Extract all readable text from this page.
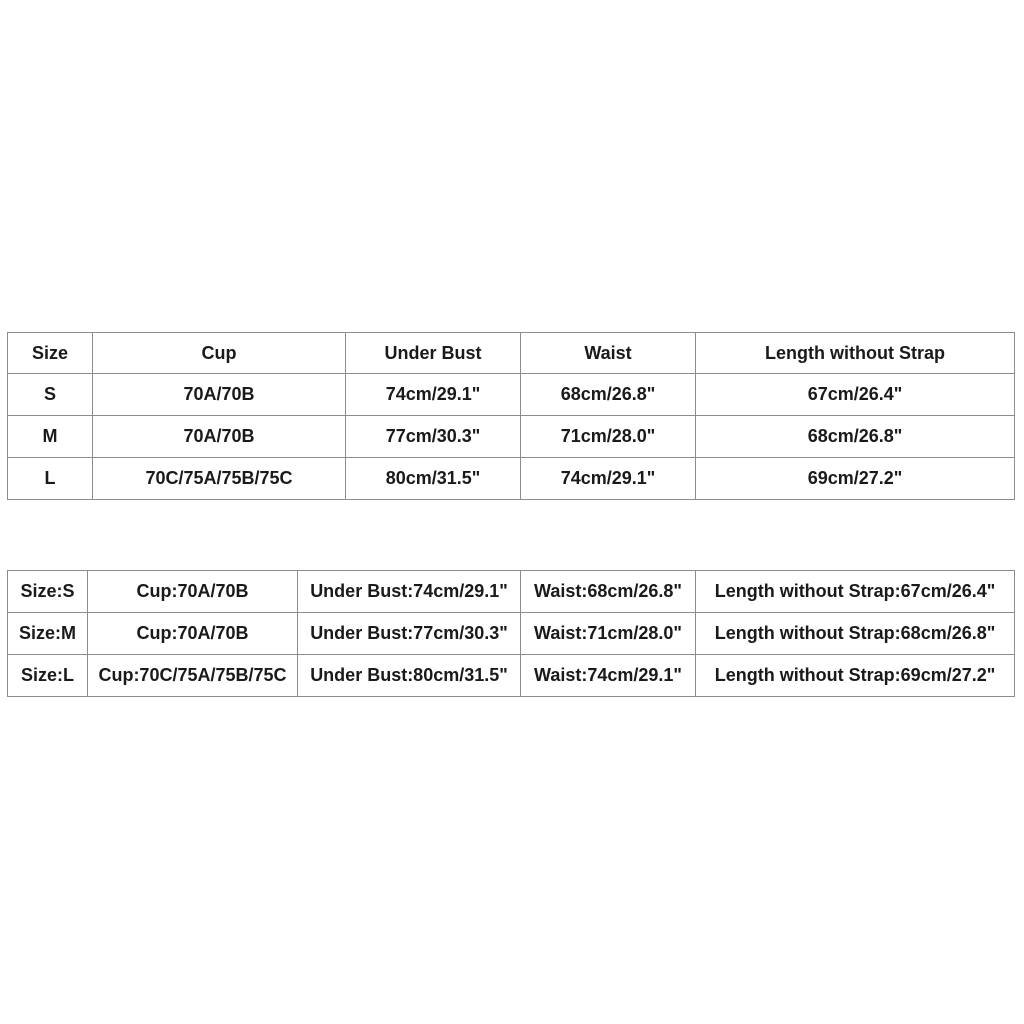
Size	Cup	Under Bust	Waist	Length without Strap
S	70A/70B	74cm/29.1"	68cm/26.8"	67cm/26.4"
M	70A/70B	77cm/30.3"	71cm/28.0"	68cm/26.8"
L	70C/75A/75B/75C	80cm/31.5"	74cm/29.1"	69cm/27.2"
Size:S	Cup:70A/70B	Under Bust:74cm/29.1"	Waist:68cm/26.8"	Length without Strap:67cm/26.4"
Size:M	Cup:70A/70B	Under Bust:77cm/30.3"	Waist:71cm/28.0"	Length without Strap:68cm/26.8"
Size:L	Cup:70C/75A/75B/75C	Under Bust:80cm/31.5"	Waist:74cm/29.1"	Length without Strap:69cm/27.2"
